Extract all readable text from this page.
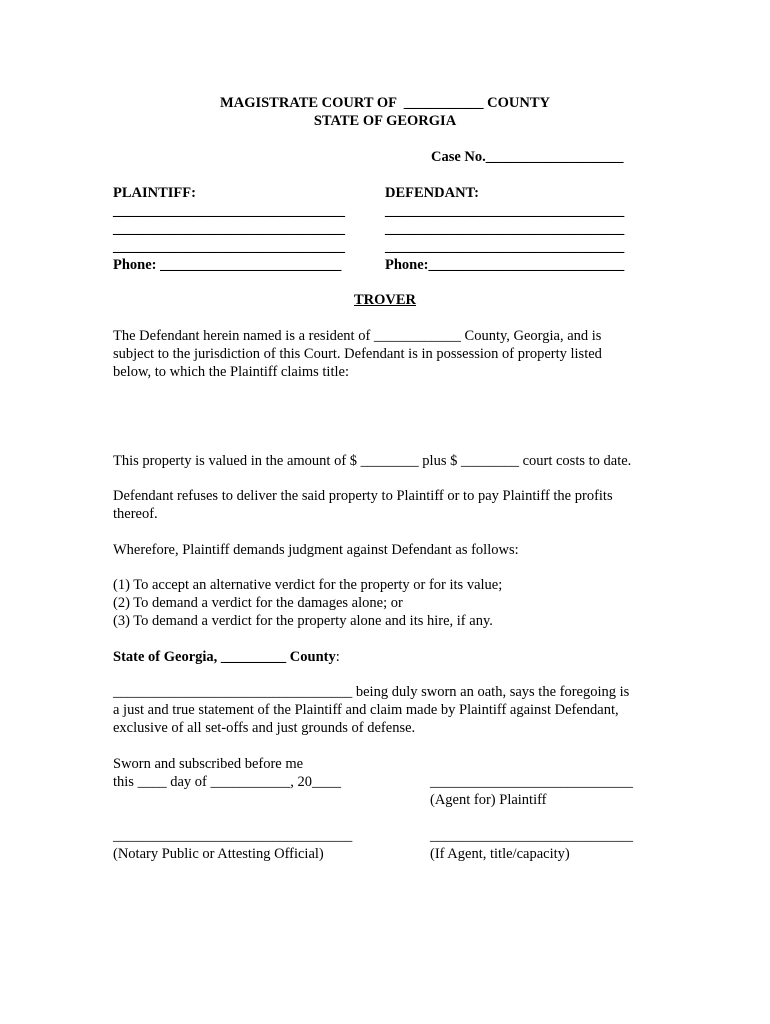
MAGISTRATE COURT OF  ___________ COUNTY
STATE OF GEORGIA
Case No.___________________
PLAINTIFF:	DEFENDANT:
________________________________	_________________________________
________________________________	_________________________________
________________________________	_________________________________
Phone: _________________________	Phone:___________________________
TROVER
The Defendant herein named is a resident of ____________ County, Georgia, and is
subject to the jurisdiction of this Court. Defendant is in possession of property listed
below, to which the Plaintiff claims title:
This property is valued in the amount of $ ________ plus $ ________ court costs to date.
Defendant refuses to deliver the said property to Plaintiff or to pay Plaintiff the profits
thereof.
Wherefore, Plaintiff demands judgment against Defendant as follows:
(1) To accept an alternative verdict for the property or for its value;
(2) To demand a verdict for the damages alone; or
(3) To demand a verdict for the property alone and its hire, if any.
State of Georgia, _________ County:
_________________________________ being duly sworn an oath, says the foregoing is
a just and true statement of the Plaintiff and claim made by Plaintiff against Defendant,
exclusive of all set-offs and just grounds of defense.
Sworn and subscribed before me
this ____ day of ___________, 20____	____________________________
(Agent for) Plaintiff
_________________________________	____________________________
(Notary Public or Attesting Official)	(If Agent, title/capacity)
